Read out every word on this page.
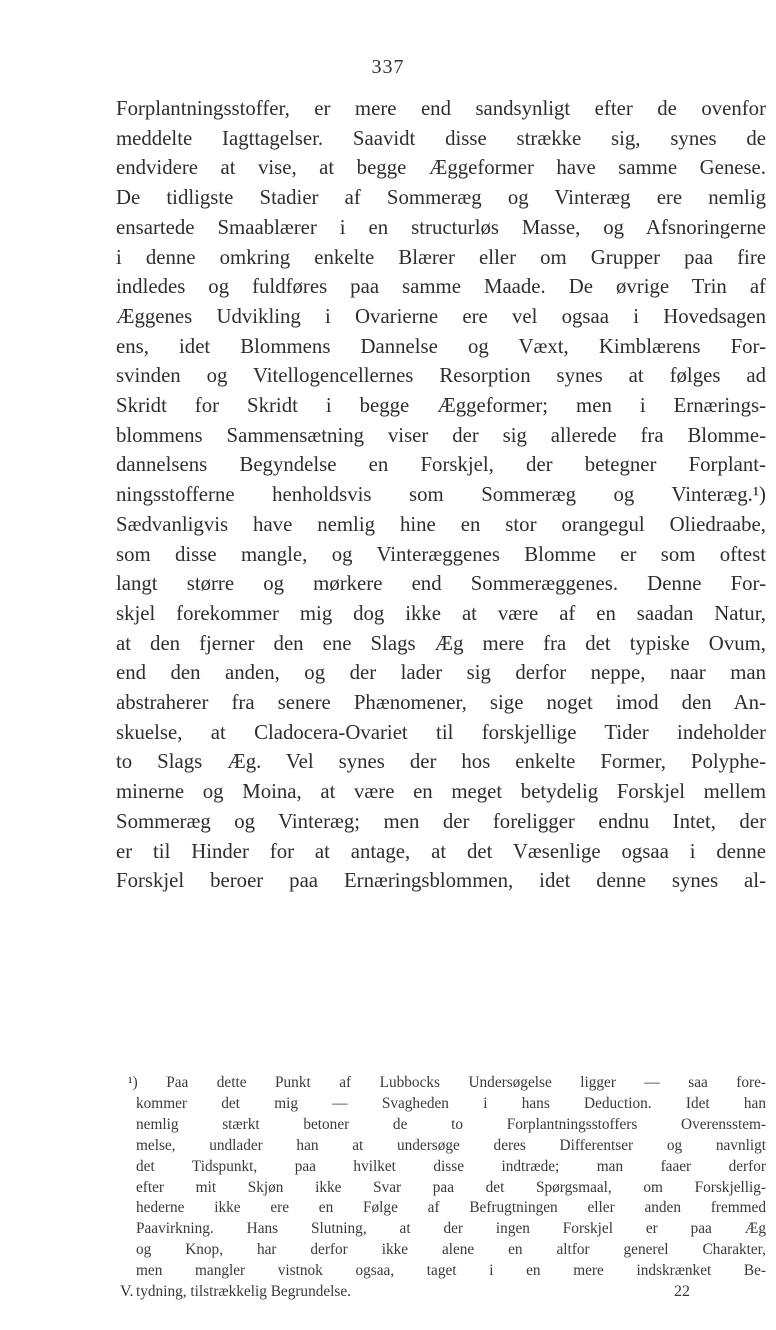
337
Forplantningsstoffer, er mere end sandsynligt efter de ovenfor
meddelte Iagttagelser. Saavidt disse strække sig, synes de
endvidere at vise, at begge Æggeformer have samme Genese.
De tidligste Stadier af Sommeræg og Vinteræg ere nemlig
ensartede Smaablærer i en structurløs Masse, og Afsnoringerne
i denne omkring enkelte Blærer eller om Grupper paa fire
indledes og fuldføres paa samme Maade. De øvrige Trin af
Æggenes Udvikling i Ovarierne ere vel ogsaa i Hovedsagen
ens, idet Blommens Dannelse og Væxt, Kimblærens For-
svinden og Vitellogencellernes Resorption synes at følges ad
Skridt for Skridt i begge Æggeformer; men i Ernærings-
blommens Sammensætning viser der sig allerede fra Blomme-
dannelsens Begyndelse en Forskjel, der betegner Forplant-
ningsstofferne henholdsvis som Sommeræg og Vinteræg.¹)
Sædvanligvis have nemlig hine en stor orangegul Oliedraabe,
som disse mangle, og Vinteræggenes Blomme er som oftest
langt større og mørkere end Sommeræggenes. Denne For-
skjel forekommer mig dog ikke at være af en saadan Natur,
at den fjerner den ene Slags Æg mere fra det typiske Ovum,
end den anden, og der lader sig derfor neppe, naar man
abstraherer fra senere Phænomener, sige noget imod den An-
skuelse, at Cladocera-Ovariet til forskjellige Tider indeholder
to Slags Æg. Vel synes der hos enkelte Former, Polyphe-
minerne og Moina, at være en meget betydelig Forskjel mellem
Sommeræg og Vinteræg; men der foreligger endnu Intet, der
er til Hinder for at antage, at det Væsenlige ogsaa i denne
Forskjel beroer paa Ernæringsblommen, idet denne synes al-
¹) Paa dette Punkt af Lubbocks Undersøgelse ligger — saa fore-
kommer det mig — Svagheden i hans Deduction. Idet han
nemlig stærkt betoner de to Forplantningsstoffers Overensstem-
melse, undlader han at undersøge deres Differentser og navnligt
det Tidspunkt, paa hvilket disse indtræde; man faaer derfor
efter mit Skjøn ikke Svar paa det Spørgsmaal, om Forskjellig-
hederne ikke ere en Følge af Befrugtningen eller anden fremmed
Paavirkning. Hans Slutning, at der ingen Forskjel er paa Æg
og Knop, har derfor ikke alene en altfor generel Charakter,
men mangler vistnok ogsaa, taget i en mere indskrænket Be-
tydning, tilstrækkelig Begrundelse.
V.	22
